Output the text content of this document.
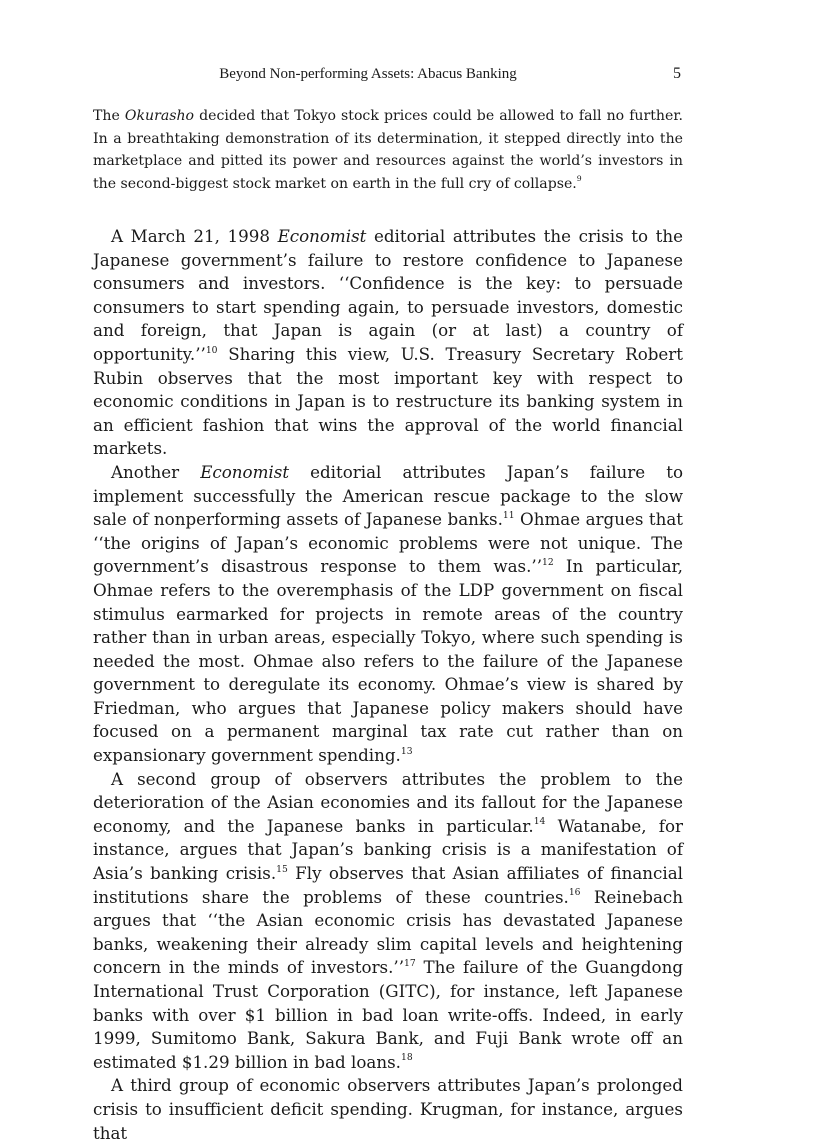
Beyond Non-performing Assets: Abacus Banking	5

The Okurasho decided that Tokyo stock prices could be allowed to fall no further. In a breathtaking demonstration of its determination, it stepped directly into the marketplace and pitted its power and resources against the world’s investors in the second-biggest stock market on earth in the full cry of collapse.$^9$

A March 21, 1998 Economist editorial attributes the crisis to the Japanese government’s failure to restore confidence to Japanese consumers and investors. ‘‘Confidence is the key: to persuade consumers to start spending again, to persuade investors, domestic and foreign, that Japan is again (or at last) a country of opportunity.’’$^{10}$ Sharing this view, U.S. Treasury Secretary Robert Rubin observes that the most important key with respect to economic conditions in Japan is to restructure its banking system in an efficient fashion that wins the approval of the world financial markets.

Another Economist editorial attributes Japan’s failure to implement successfully the American rescue package to the slow sale of nonperforming assets of Japanese banks.$^{11}$ Ohmae argues that ‘‘the origins of Japan’s economic problems were not unique. The government’s disastrous response to them was.’’$^{12}$ In particular, Ohmae refers to the overemphasis of the LDP government on fiscal stimulus earmarked for projects in remote areas of the country rather than in urban areas, especially Tokyo, where such spending is needed the most. Ohmae also refers to the failure of the Japanese government to deregulate its economy. Ohmae’s view is shared by Friedman, who argues that Japanese policy makers should have focused on a permanent marginal tax rate cut rather than on expansionary government spending.$^{13}$

A second group of observers attributes the problem to the deterioration of the Asian economies and its fallout for the Japanese economy, and the Japanese banks in particular.$^{14}$ Watanabe, for instance, argues that Japan’s banking crisis is a manifestation of Asia’s banking crisis.$^{15}$ Fly observes that Asian affiliates of financial institutions share the problems of these countries.$^{16}$ Reinebach argues that ‘‘the Asian economic crisis has devastated Japanese banks, weakening their already slim capital levels and heightening concern in the minds of investors.’’$^{17}$ The failure of the Guangdong International Trust Corporation (GITC), for instance, left Japanese banks with over $1 billion in bad loan write-offs. Indeed, in early 1999, Sumitomo Bank, Sakura Bank, and Fuji Bank wrote off an estimated $1.29 billion in bad loans.$^{18}$

A third group of economic observers attributes Japan’s prolonged crisis to insufficient deficit spending. Krugman, for instance, argues that
